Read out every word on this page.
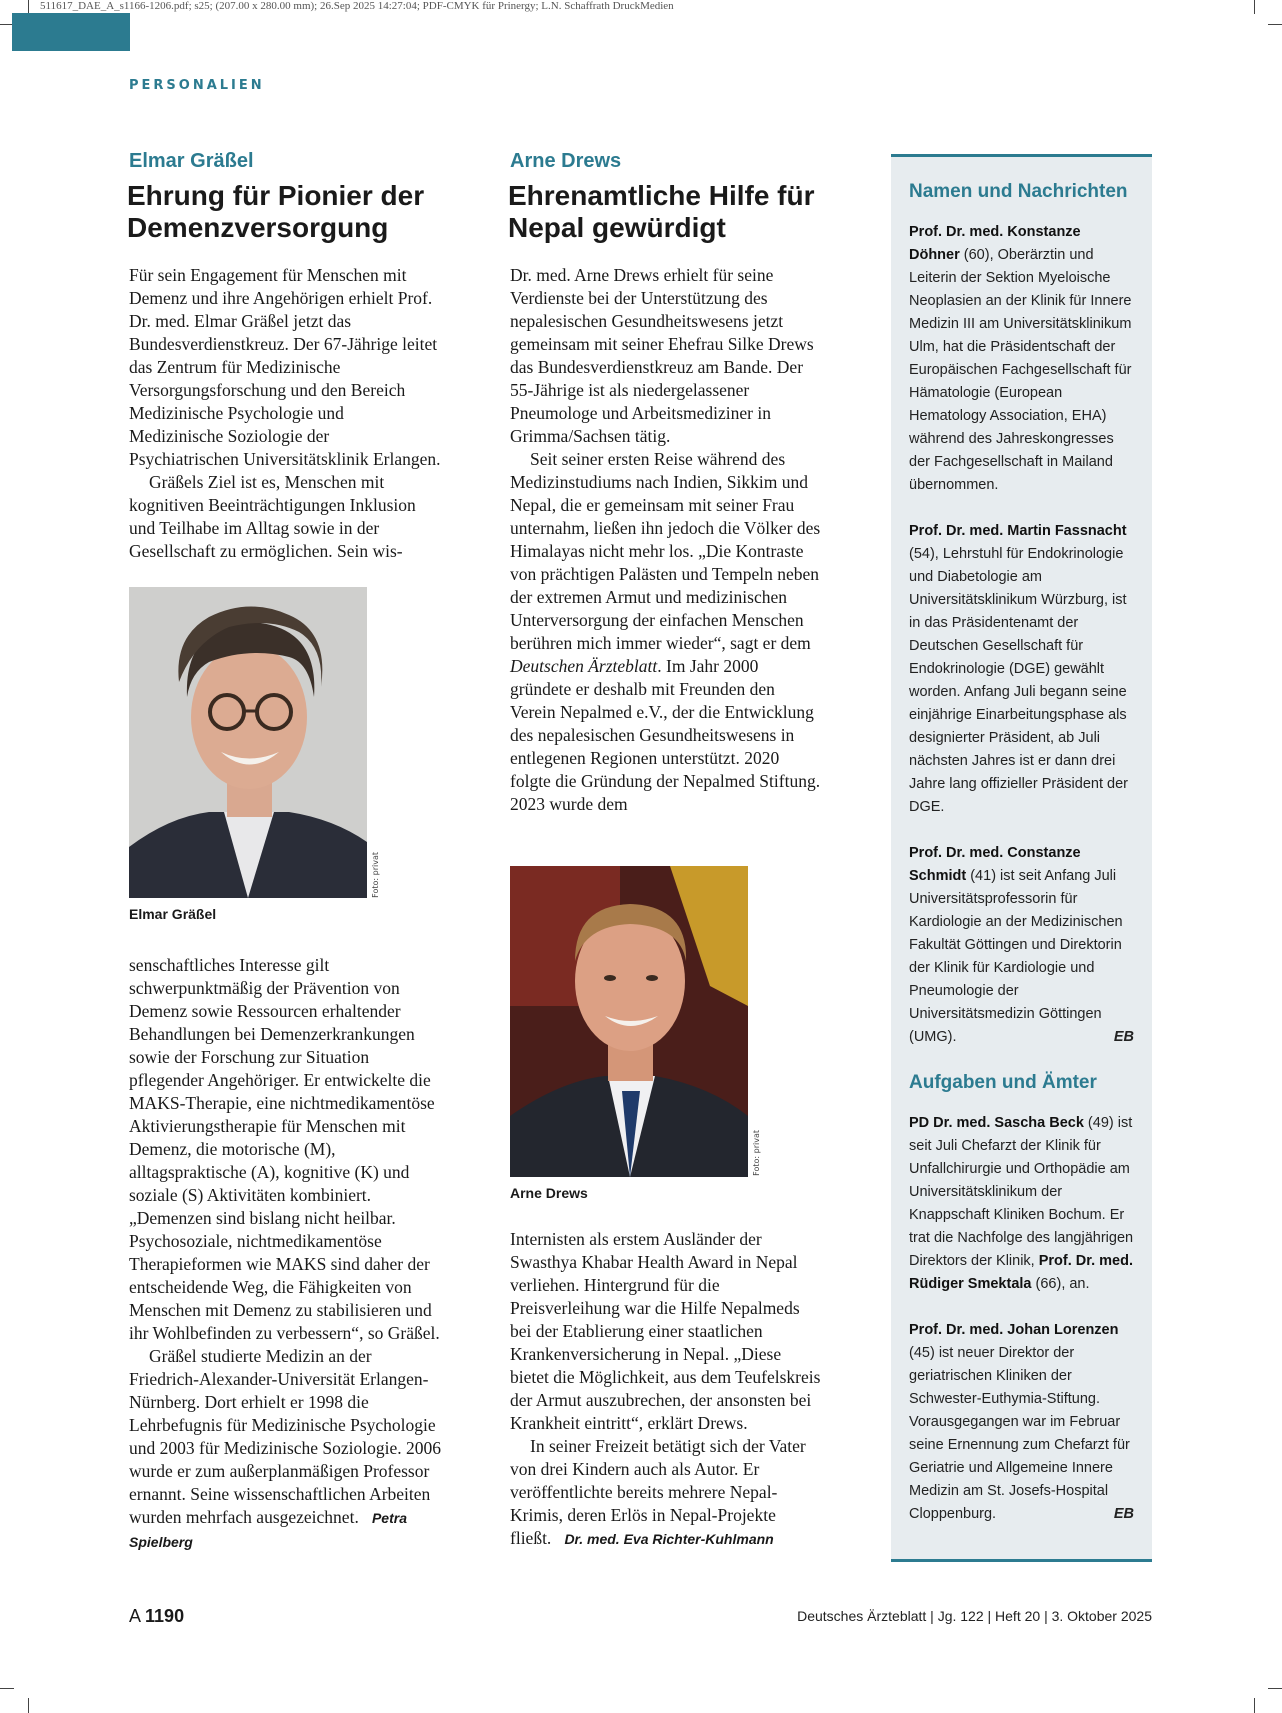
511617_DAE_A_s1166-1206.pdf; s25; (207.00 x 280.00 mm); 26.Sep 2025 14:27:04; PDF-CMYK für Prinergy; L.N. Schaffrath DruckMedien
PERSONALIEN
Elmar Gräßel
Ehrung für Pionier der Demenzversorgung

Für sein Engagement für Menschen mit Demenz und ihre Angehörigen erhielt Prof. Dr. med. Elmar Gräßel jetzt das Bundesverdienstkreuz. Der 67-Jährige leitet das Zentrum für Medizinische Versorgungsforschung und den Bereich Medizinische Psychologie und Medizinische Soziologie der Psychiatrischen Universitätsklinik Erlangen.

Gräßels Ziel ist es, Menschen mit kognitiven Beeinträchtigungen Inklusion und Teilhabe im Alltag sowie in der Gesellschaft zu ermöglichen. Sein wis-

Foto: privat
Elmar Gräßel

senschaftliches Interesse gilt schwerpunktmäßig der Prävention von Demenz sowie Ressourcen erhaltender Behandlungen bei Demenzerkrankungen sowie der Forschung zur Situation pflegender Angehöriger. Er entwickelte die MAKS-Therapie, eine nichtmedikamentöse Aktivierungstherapie für Menschen mit Demenz, die motorische (M), alltagspraktische (A), kognitive (K) und soziale (S) Aktivitäten kombiniert. „Demenzen sind bislang nicht heilbar. Psychosoziale, nichtmedikamentöse Therapieformen wie MAKS sind daher der entscheidende Weg, die Fähigkeiten von Menschen mit Demenz zu stabilisieren und ihr Wohlbefinden zu verbessern“, so Gräßel.

Gräßel studierte Medizin an der Friedrich-Alexander-Universität Erlangen-Nürnberg. Dort erhielt er 1998 die Lehrbefugnis für Medizinische Psychologie und 2003 für Medizinische Soziologie. 2006 wurde er zum außerplanmäßigen Professor ernannt. Seine wissenschaftlichen Arbeiten wurden mehrfach ausgezeichnet. Petra Spielberg

Arne Drews
Ehrenamtliche Hilfe für Nepal gewürdigt

Dr. med. Arne Drews erhielt für seine Verdienste bei der Unterstützung des nepalesischen Gesundheitswesens jetzt gemeinsam mit seiner Ehefrau Silke Drews das Bundesverdienstkreuz am Bande. Der 55-Jährige ist als niedergelassener Pneumologe und Arbeitsmediziner in Grimma/Sachsen tätig.

Seit seiner ersten Reise während des Medizinstudiums nach Indien, Sikkim und Nepal, die er gemeinsam mit seiner Frau unternahm, ließen ihn jedoch die Völker des Himalayas nicht mehr los. „Die Kontraste von prächtigen Palästen und Tempeln neben der extremen Armut und medizinischen Unterversorgung der einfachen Menschen berühren mich immer wieder“, sagt er dem Deutschen Ärzteblatt. Im Jahr 2000 gründete er deshalb mit Freunden den Verein Nepalmed e.V., der die Entwicklung des nepalesischen Gesundheitswesens in entlegenen Regionen unterstützt. 2020 folgte die Gründung der Nepalmed Stiftung. 2023 wurde dem

Foto: privat
Arne Drews

Internisten als erstem Ausländer der Swasthya Khabar Health Award in Nepal verliehen. Hintergrund für die Preisverleihung war die Hilfe Nepalmeds bei der Etablierung einer staatlichen Krankenversicherung in Nepal. „Diese bietet die Möglichkeit, aus dem Teufelskreis der Armut auszubrechen, der ansonsten bei Krankheit eintritt“, erklärt Drews.

In seiner Freizeit betätigt sich der Vater von drei Kindern auch als Autor. Er veröffentlichte bereits mehrere Nepal-Krimis, deren Erlös in Nepal-Projekte fließt. Dr. med. Eva Richter-Kuhlmann

Namen und Nachrichten

Prof. Dr. med. Konstanze Döhner (60), Oberärztin und Leiterin der Sektion Myeloische Neoplasien an der Klinik für Innere Medizin III am Universitätsklinikum Ulm, hat die Präsidentschaft der Europäischen Fachgesellschaft für Hämatologie (European Hematology Association, EHA) während des Jahreskongresses der Fachgesellschaft in Mailand übernommen.

Prof. Dr. med. Martin Fassnacht (54), Lehrstuhl für Endokrinologie und Diabetologie am Universitätsklinikum Würzburg, ist in das Präsidentenamt der Deutschen Gesellschaft für Endokrinologie (DGE) gewählt worden. Anfang Juli begann seine einjährige Einarbeitungsphase als designierter Präsident, ab Juli nächsten Jahres ist er dann drei Jahre lang offizieller Präsident der DGE.

Prof. Dr. med. Constanze Schmidt (41) ist seit Anfang Juli Universitätsprofessorin für Kardiologie an der Medizinischen Fakultät Göttingen und Direktorin der Klinik für Kardiologie und Pneumologie der Universitätsmedizin Göttingen (UMG).	EB

Aufgaben und Ämter

PD Dr. med. Sascha Beck (49) ist seit Juli Chefarzt der Klinik für Unfallchirurgie und Orthopädie am Universitätsklinikum der Knappschaft Kliniken Bochum. Er trat die Nachfolge des langjährigen Direktors der Klinik, Prof. Dr. med. Rüdiger Smektala (66), an.

Prof. Dr. med. Johan Lorenzen (45) ist neuer Direktor der geriatrischen Kliniken der Schwester-Euthymia-Stiftung. Vorausgegangen war im Februar seine Ernennung zum Chefarzt für Geriatrie und Allgemeine Innere Medizin am St. Josefs-Hospital Cloppenburg.	EB

A 1190	Deutsches Ärzteblatt | Jg. 122 | Heft 20 | 3. Oktober 2025
